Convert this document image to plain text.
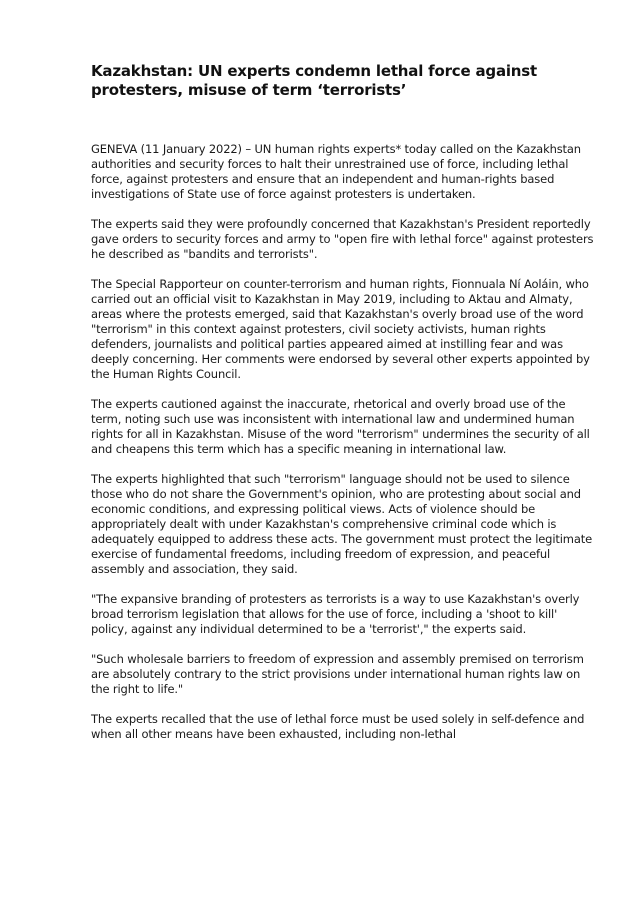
Kazakhstan: UN experts condemn lethal force against protesters, misuse of term ‘terrorists’

GENEVA (11 January 2022) – UN human rights experts* today called on the Kazakhstan authorities and security forces to halt their unrestrained use of force, including lethal force, against protesters and ensure that an independent and human-rights based investigations of State use of force against protesters is undertaken.

The experts said they were profoundly concerned that Kazakhstan's President reportedly gave orders to security forces and army to "open fire with lethal force" against protesters he described as "bandits and terrorists".

The Special Rapporteur on counter-terrorism and human rights, Fionnuala Ní Aoláin, who carried out an official visit to Kazakhstan in May 2019, including to Aktau and Almaty, areas where the protests emerged, said that Kazakhstan's overly broad use of the word "terrorism" in this context against protesters, civil society activists, human rights defenders, journalists and political parties appeared aimed at instilling fear and was deeply concerning. Her comments were endorsed by several other experts appointed by the Human Rights Council.

The experts cautioned against the inaccurate, rhetorical and overly broad use of the term, noting such use was inconsistent with international law and undermined human rights for all in Kazakhstan. Misuse of the word "terrorism" undermines the security of all and cheapens this term which has a specific meaning in international law.

The experts highlighted that such "terrorism" language should not be used to silence those who do not share the Government's opinion, who are protesting about social and economic conditions, and expressing political views. Acts of violence should be appropriately dealt with under Kazakhstan's comprehensive criminal code which is adequately equipped to address these acts. The government must protect the legitimate exercise of fundamental freedoms, including freedom of expression, and peaceful assembly and association, they said.

"The expansive branding of protesters as terrorists is a way to use Kazakhstan's overly broad terrorism legislation that allows for the use of force, including a 'shoot to kill' policy, against any individual determined to be a 'terrorist'," the experts said.

"Such wholesale barriers to freedom of expression and assembly premised on terrorism are absolutely contrary to the strict provisions under international human rights law on the right to life."

The experts recalled that the use of lethal force must be used solely in self-defence and when all other means have been exhausted, including non-lethal
